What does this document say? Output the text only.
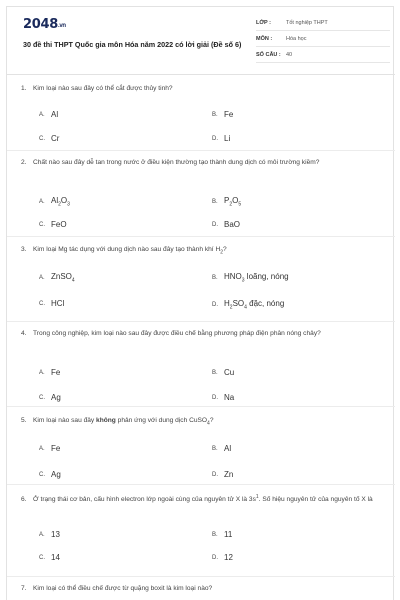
2048.vn
30 đề thi THPT Quốc gia môn Hóa năm 2022 có lời giải (Đề số 6)
LỚP :	Tốt nghiệp THPT
MÔN :	Hóa học
SỐ CÂU : 40
1. Kim loại nào sau đây có thể cắt được thủy tinh?
A. Al	B. Fe
C. Cr	D. Li
2. Chất nào sau đây dễ tan trong nước ở điều kiện thường tạo thành dung dịch có môi trường kiềm?
A. $Al_2O_3$	B. $P_2O_5$
C. FeO	D. BaO
3. Kim loại Mg tác dụng với dung dịch nào sau đây tạo thành khí $H_2$?
A. ZnSO$_4$	B. $HNO_3$ loãng, nóng
C. HCl	D. $H_2SO_4$ đặc, nóng
4. Trong công nghiệp, kim loại nào sau đây được điều chế bằng phương pháp điện phân nóng chảy?
A. Fe	B. Cu
C. Ag	D. Na
5. Kim loại nào sau đây không phản ứng với dung dịch CuSO$_4$?
A. Fe	B. Al
C. Ag	D. Zn
6. Ở trạng thái cơ bản, cấu hình electron lớp ngoài cùng của nguyên tử X là $3s^1$. Số hiệu nguyên tử của nguyên tố X là
A. 13	B. 11
C. 14	D. 12
7. Kim loại có thể điều chế được từ quặng boxit là kim loại nào?
